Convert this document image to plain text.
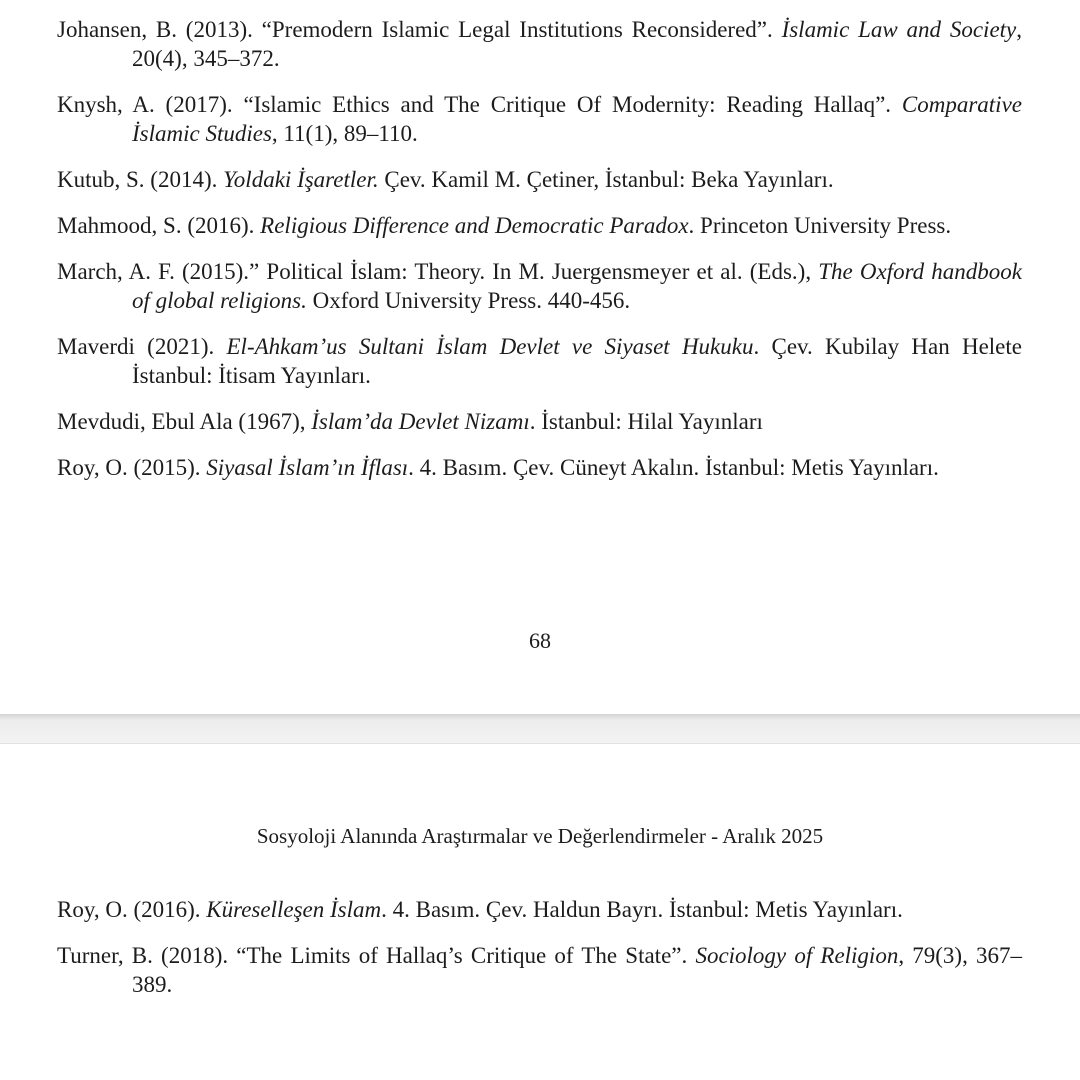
Johansen, B. (2013). “Premodern Islamic Legal Institutions Reconsidered”. İslamic Law and Society, 20(4), 345–372.

Knysh, A. (2017). “Islamic Ethics and The Critique Of Modernity: Reading Hallaq”. Comparative İslamic Studies, 11(1), 89–110.

Kutub, S. (2014). Yoldaki İşaretler. Çev. Kamil M. Çetiner, İstanbul: Beka Yayınları.

Mahmood, S. (2016). Religious Difference and Democratic Paradox. Princeton University Press.

March, A. F. (2015).” Political İslam: Theory. In M. Juergensmeyer et al. (Eds.), The Oxford handbook of global religions. Oxford University Press. 440-456.

Maverdi (2021). El-Ahkam’us Sultani İslam Devlet ve Siyaset Hukuku. Çev. Kubilay Han Helete İstanbul: İtisam Yayınları.

Mevdudi, Ebul Ala (1967), İslam’da Devlet Nizamı. İstanbul: Hilal Yayınları

Roy, O. (2015). Siyasal İslam’ın İflası. 4. Basım. Çev. Cüneyt Akalın. İstanbul: Metis Yayınları.

68
Sosyoloji Alanında Araştırmalar ve Değerlendirmeler - Aralık 2025

Roy, O. (2016). Küreselleşen İslam. 4. Basım. Çev. Haldun Bayrı. İstanbul: Metis Yayınları.

Turner, B. (2018). “The Limits of Hallaq’s Critique of The State”. Sociology of Religion, 79(3), 367–389.
